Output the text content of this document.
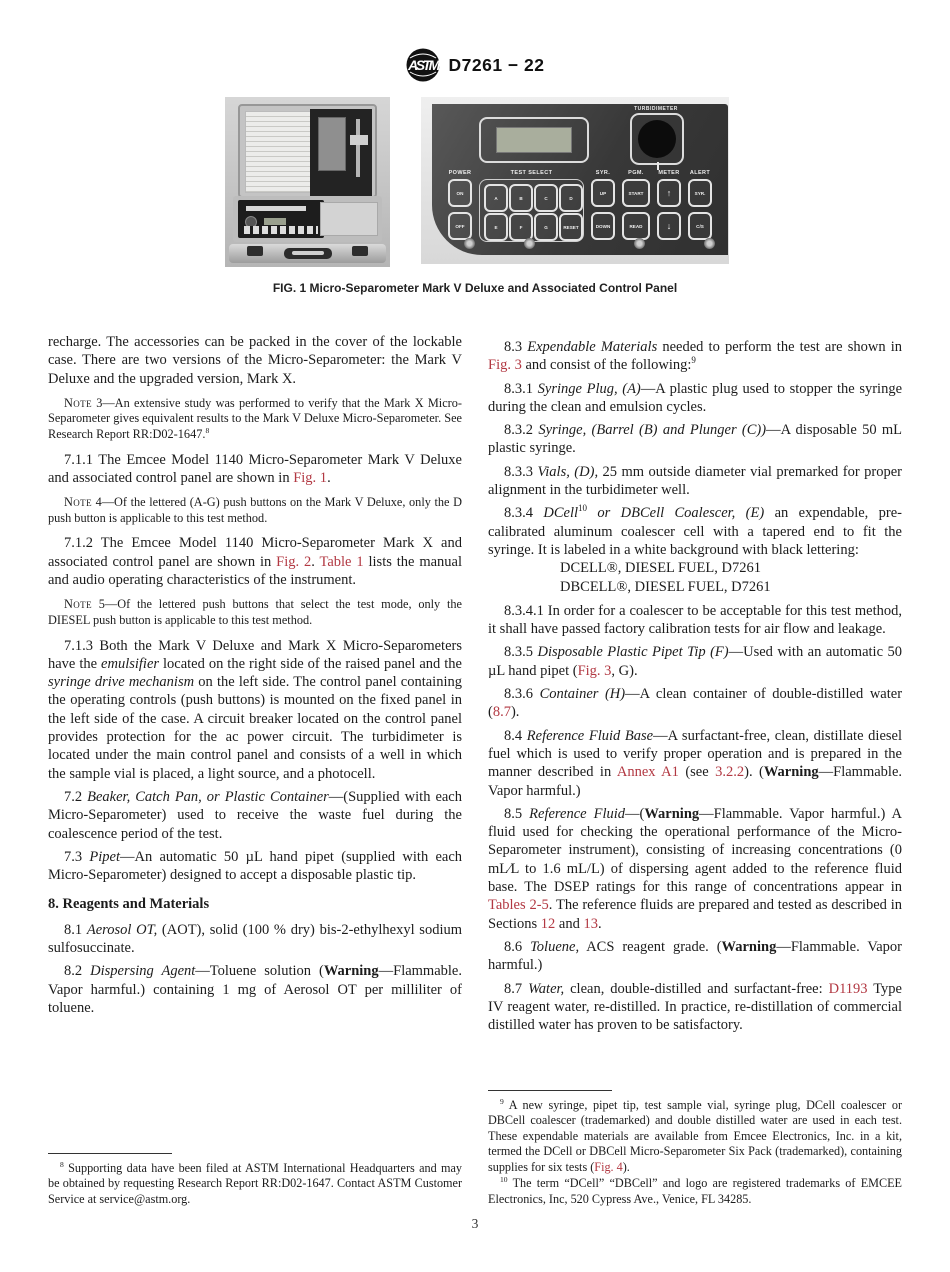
ASTM D7261 − 22
TURBIDIMETER
POWER
ON
OFF
TEST SELECT
A	B	C	D
E	F	G	RESET
SYR.
UP
DOWN
PGM.
START
READ
METER
↑
↓
ALERT
SYR.
C/S
FIG. 1 Micro-Separometer Mark V Deluxe and Associated Control Panel

recharge. The accessories can be packed in the cover of the lockable case. There are two versions of the Micro-Separometer: the Mark V Deluxe and the upgraded version, Mark X.

Note 3—An extensive study was performed to verify that the Mark X Micro-Separometer gives equivalent results to the Mark V Deluxe Micro-Separometer. See Research Report RR:D02-1647.$^8$

7.1.1 The Emcee Model 1140 Micro-Separometer Mark V Deluxe and associated control panel are shown in Fig. 1.

Note 4—Of the lettered (A-G) push buttons on the Mark V Deluxe, only the D push button is applicable to this test method.

7.1.2 The Emcee Model 1140 Micro-Separometer Mark X and associated control panel are shown in Fig. 2. Table 1 lists the manual and audio operating characteristics of the instrument.

Note 5—Of the lettered push buttons that select the test mode, only the DIESEL push button is applicable to this test method.

7.1.3 Both the Mark V Deluxe and Mark X Micro-Separometers have the emulsifier located on the right side of the raised panel and the syringe drive mechanism on the left side. The control panel containing the operating controls (push buttons) is mounted on the fixed panel in the left side of the case. A circuit breaker located on the control panel provides protection for the ac power circuit. The turbidimeter is located under the main control panel and consists of a well in which the sample vial is placed, a light source, and a photocell.

7.2 Beaker, Catch Pan, or Plastic Container—(Supplied with each Micro-Separometer) used to receive the waste fuel during the coalescence period of the test.

7.3 Pipet—An automatic 50 µL hand pipet (supplied with each Micro-Separometer) designed to accept a disposable plastic tip.

8. Reagents and Materials

8.1 Aerosol OT, (AOT), solid (100 % dry) bis-2-ethylhexyl sodium sulfosuccinate.

8.2 Dispersing Agent—Toluene solution (Warning—Flammable. Vapor harmful.) containing 1 mg of Aerosol OT per milliliter of toluene.

$^8$ Supporting data have been filed at ASTM International Headquarters and may be obtained by requesting Research Report RR:D02-1647. Contact ASTM Customer Service at service@astm.org.

8.3 Expendable Materials needed to perform the test are shown in Fig. 3 and consist of the following:$^9$

8.3.1 Syringe Plug, (A)—A plastic plug used to stopper the syringe during the clean and emulsion cycles.

8.3.2 Syringe, (Barrel (B) and Plunger (C))—A disposable 50 mL plastic syringe.

8.3.3 Vials, (D), 25 mm outside diameter vial premarked for proper alignment in the turbidimeter well.

8.3.4 DCell$^{10}$ or DBCell Coalescer, (E) an expendable, pre-calibrated aluminum coalescer cell with a tapered end to fit the syringe. It is labeled in a white background with black lettering:

DCELL®, DIESEL FUEL, D7261

DBCELL®, DIESEL FUEL, D7261

8.3.4.1 In order for a coalescer to be acceptable for this test method, it shall have passed factory calibration tests for air flow and leakage.

8.3.5 Disposable Plastic Pipet Tip (F)—Used with an automatic 50 µL hand pipet (Fig. 3, G).

8.3.6 Container (H)—A clean container of double-distilled water (8.7).

8.4 Reference Fluid Base—A surfactant-free, clean, distillate diesel fuel which is used to verify proper operation and is prepared in the manner described in Annex A1 (see 3.2.2). (Warning—Flammable. Vapor harmful.)

8.5 Reference Fluid—(Warning—Flammable. Vapor harmful.) A fluid used for checking the operational performance of the Micro-Separometer instrument), consisting of increasing concentrations (0 mL⁄L to 1.6 mL/L) of dispersing agent added to the reference fluid base. The DSEP ratings for this range of concentrations appear in Tables 2-5. The reference fluids are prepared and tested as described in Sections 12 and 13.

8.6 Toluene, ACS reagent grade. (Warning—Flammable. Vapor harmful.)

8.7 Water, clean, double-distilled and surfactant-free: D1193 Type IV reagent water, re-distilled. In practice, re-distillation of commercial distilled water has proven to be satisfactory.

$^9$ A new syringe, pipet tip, test sample vial, syringe plug, DCell coalescer or DBCell coalescer (trademarked) and double distilled water are used in each test. These expendable materials are available from Emcee Electronics, Inc. in a kit, termed the DCell or DBCell Micro-Separometer Six Pack (trademarked), containing supplies for six tests (Fig. 4).

$^{10}$ The term “DCell” “DBCell” and logo are registered trademarks of EMCEE Electronics, Inc, 520 Cypress Ave., Venice, FL 34285.

3
